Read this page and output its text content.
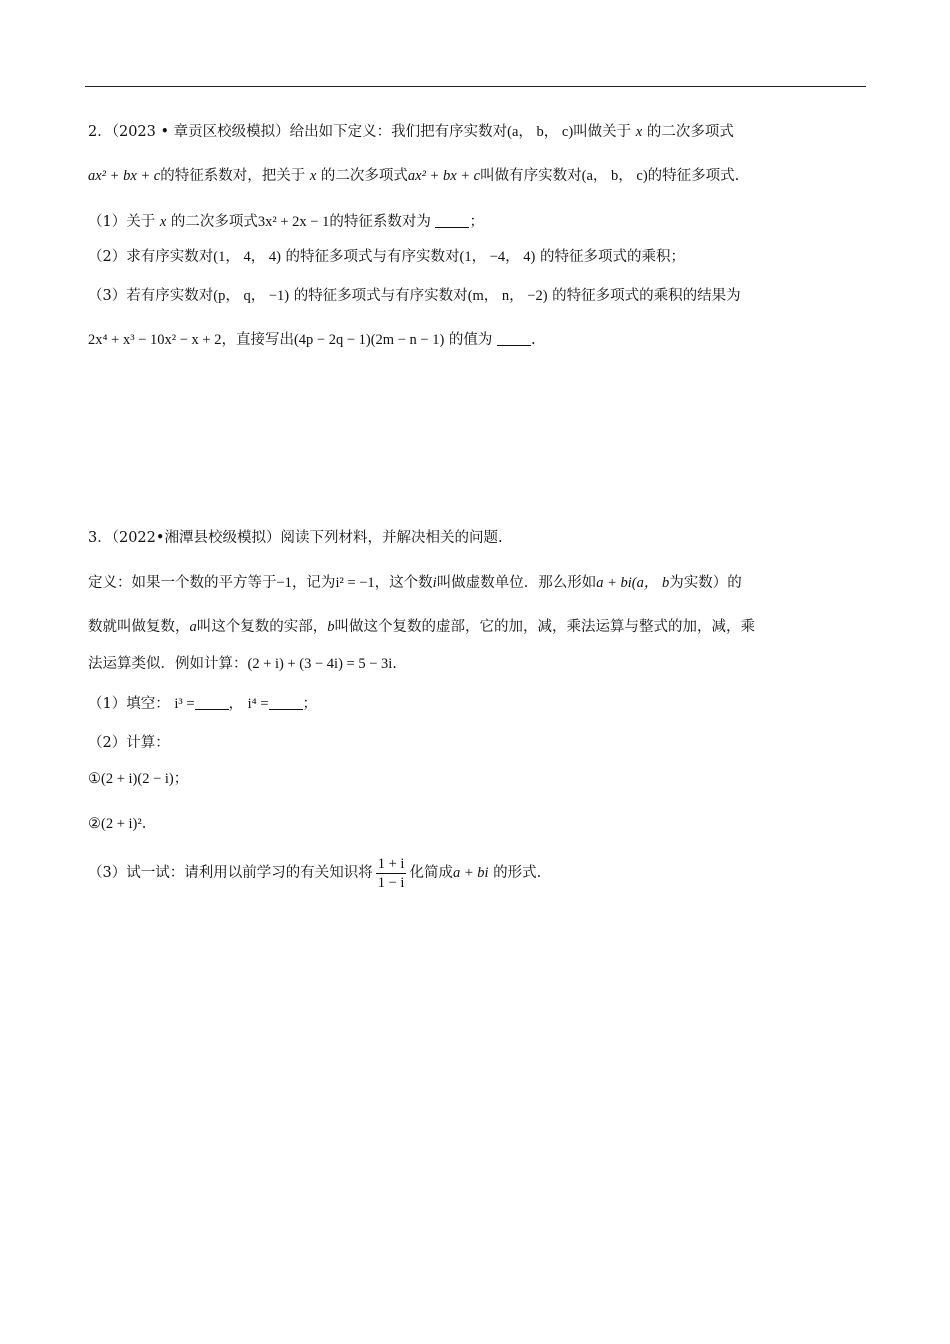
2．（2023 • 章贡区校级模拟）给出如下定义：我们把有序实数对(a， b， c)叫做关于 x 的二次多项式
ax² + bx + c的特征系数对，把关于 x 的二次多项式ax² + bx + c叫做有序实数对(a， b， c)的特征多项式.
（1）关于 x 的二次多项式3x² + 2x − 1的特征系数对为	；
（2）求有序实数对(1， 4， 4) 的特征多项式与有序实数对(1， −4， 4) 的特征多项式的乘积；
（3）若有序实数对(p， q， −1) 的特征多项式与有序实数对(m， n， −2) 的特征多项式的乘积的结果为
2x⁴ + x³ − 10x² − x + 2，直接写出(4p − 2q − 1)(2m − n − 1) 的值为	.
3．（2022•湘潭县校级模拟）阅读下列材料，并解决相关的问题.
定义：如果一个数的平方等于−1，记为i² = −1，这个数i叫做虚数单位．那么形如a + bi(a， b为实数）的
数就叫做复数，a叫这个复数的实部，b叫做这个复数的虚部，它的加，减，乘法运算与整式的加，减，乘
法运算类似．例如计算：(2 + i) + (3 − 4i) = 5 − 3i.
（1）填空： i³ = ， i⁴ = ；
（2）计算：
①(2 + i)(2 − i)；
②(2 + i)².
（3）试一试：请利用以前学习的有关知识将 $\frac{1 + i}{1 - i}$ 化简成a + bi 的形式.
